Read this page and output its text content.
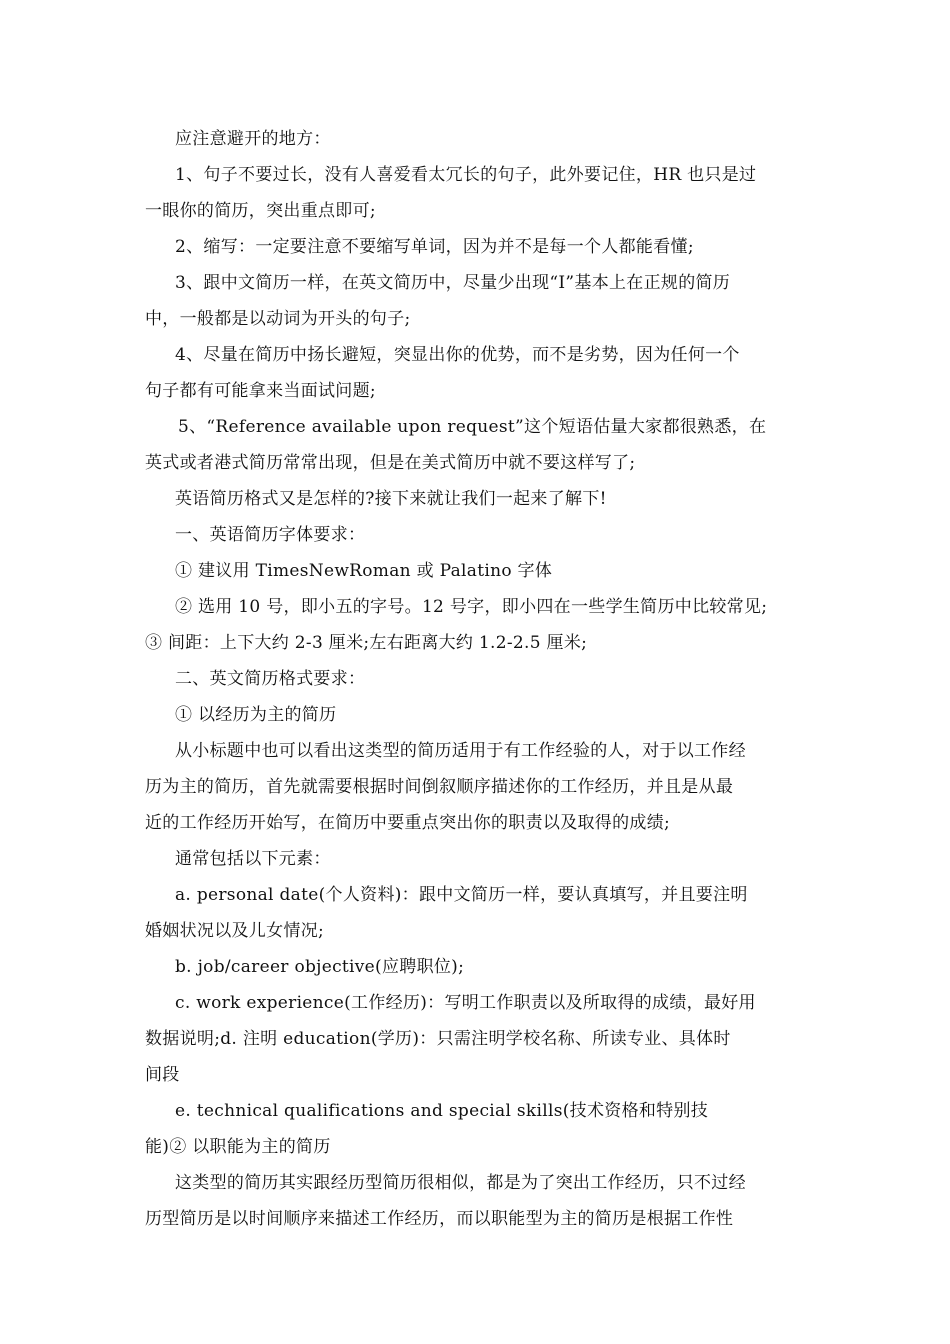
应注意避开的地方：
1、句子不要过长，没有人喜爱看太冗长的句子，此外要记住，HR 也只是过
一眼你的简历，突出重点即可;
2、缩写：一定要注意不要缩写单词，因为并不是每一个人都能看懂;
3、跟中文简历一样，在英文简历中，尽量少出现“I”基本上在正规的简历
中，一般都是以动词为开头的句子;
4、尽量在简历中扬长避短，突显出你的优势，而不是劣势，因为任何一个
句子都有可能拿来当面试问题;
5、“Reference available upon request”这个短语估量大家都很熟悉，在
英式或者港式简历常常出现，但是在美式简历中就不要这样写了;
英语简历格式又是怎样的?接下来就让我们一起来了解下!
一、英语简历字体要求：
① 建议用 TimesNewRoman 或 Palatino 字体
② 选用 10 号，即小五的字号。12 号字，即小四在一些学生简历中比较常见;
③ 间距：上下大约 2-3 厘米;左右距离大约 1.2-2.5 厘米;
二、英文简历格式要求：
① 以经历为主的简历
从小标题中也可以看出这类型的简历适用于有工作经验的人，对于以工作经
历为主的简历，首先就需要根据时间倒叙顺序描述你的工作经历，并且是从最
近的工作经历开始写，在简历中要重点突出你的职责以及取得的成绩;
通常包括以下元素：
a. personal date(个人资料)：跟中文简历一样，要认真填写，并且要注明
婚姻状况以及儿女情况;
b. job/career objective(应聘职位);
c. work experience(工作经历)：写明工作职责以及所取得的成绩，最好用
数据说明;d. 注明 education(学历)：只需注明学校名称、所读专业、具体时
间段
e. technical qualifications and special skills(技术资格和特别技
能)② 以职能为主的简历
这类型的简历其实跟经历型简历很相似，都是为了突出工作经历，只不过经
历型简历是以时间顺序来描述工作经历，而以职能型为主的简历是根据工作性
